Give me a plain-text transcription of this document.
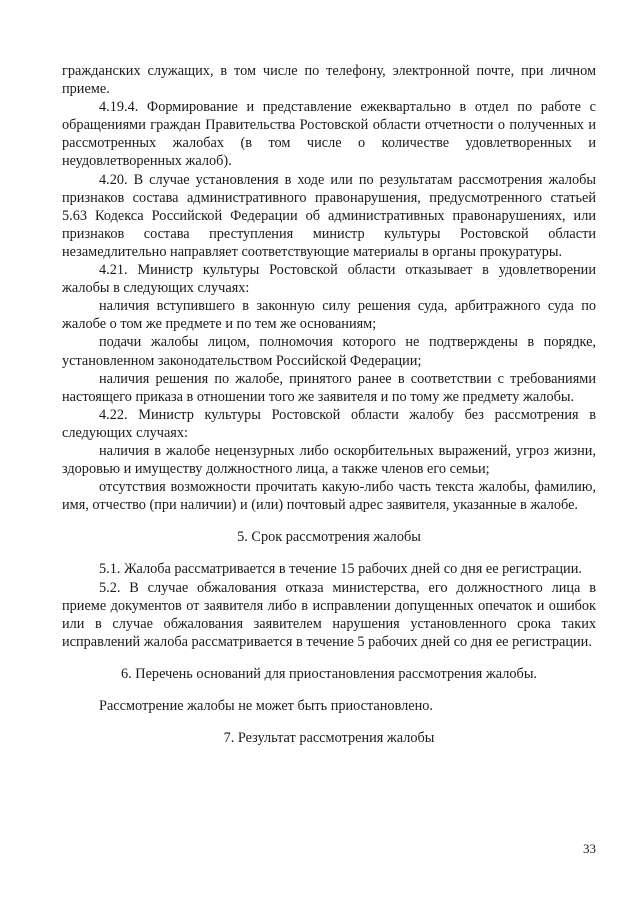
гражданских служащих, в том числе по телефону, электронной почте, при личном приеме.

4.19.4. Формирование и представление ежеквартально в отдел по работе с обращениями граждан Правительства Ростовской области отчетности о полученных и рассмотренных жалобах (в том числе о количестве удовлетворенных и неудовлетворенных жалоб).

4.20. В случае установления в ходе или по результатам рассмотрения жалобы признаков состава административного правонарушения, предусмотренного статьей 5.63 Кодекса Российской Федерации об административных правонарушениях, или признаков состава преступления министр культуры Ростовской области незамедлительно направляет соответствующие материалы в органы прокуратуры.

4.21. Министр культуры Ростовской области отказывает в удовлетворении жалобы в следующих случаях:

наличия вступившего в законную силу решения суда, арбитражного суда по жалобе о том же предмете и по тем же основаниям;

подачи жалобы лицом, полномочия которого не подтверждены в порядке, установленном законодательством Российской Федерации;

наличия решения по жалобе, принятого ранее в соответствии с требованиями настоящего приказа в отношении того же заявителя и по тому же предмету жалобы.

4.22. Министр культуры Ростовской области жалобу без рассмотрения в следующих случаях:

наличия в жалобе нецензурных либо оскорбительных выражений, угроз жизни, здоровью и имуществу должностного лица, а также членов его семьи;

отсутствия возможности прочитать какую-либо часть текста жалобы, фамилию, имя, отчество (при наличии) и (или) почтовый адрес заявителя, указанные в жалобе.

5. Срок рассмотрения жалобы

5.1. Жалоба рассматривается в течение 15 рабочих дней со дня ее регистрации.

5.2. В случае обжалования отказа министерства, его должностного лица в приеме документов от заявителя либо в исправлении допущенных опечаток и ошибок или в случае обжалования заявителем нарушения установленного срока таких исправлений жалоба рассматривается в течение 5 рабочих дней со дня ее регистрации.

6. Перечень оснований для приостановления рассмотрения жалобы.

Рассмотрение жалобы не может быть приостановлено.

7. Результат рассмотрения жалобы

33
